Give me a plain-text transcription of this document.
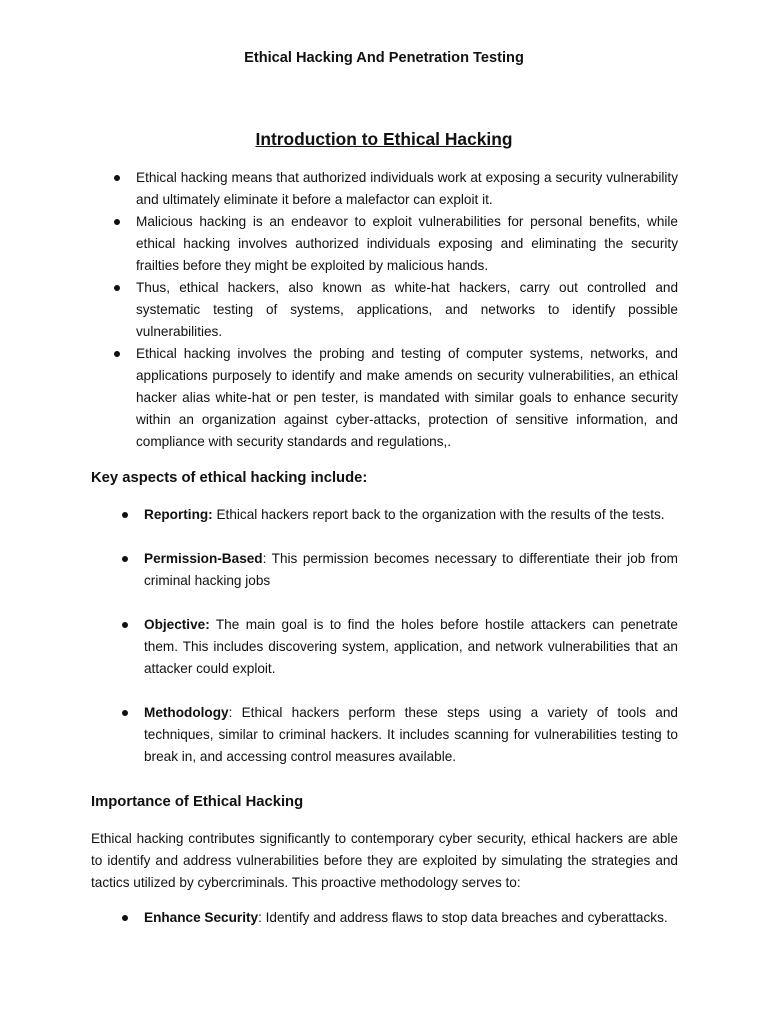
Ethical Hacking And Penetration Testing
Introduction to Ethical Hacking
Ethical hacking means that authorized individuals work at exposing a security vulnerability and ultimately eliminate it before a malefactor can exploit it.
Malicious hacking is an endeavor to exploit vulnerabilities for personal benefits, while ethical hacking involves authorized individuals exposing and eliminating the security frailties before they might be exploited by malicious hands.
Thus, ethical hackers, also known as white-hat hackers, carry out controlled and systematic testing of systems, applications, and networks to identify possible vulnerabilities.
Ethical hacking involves the probing and testing of computer systems, networks, and applications purposely to identify and make amends on security vulnerabilities, an ethical hacker alias white-hat or pen tester, is mandated with similar goals to enhance security within an organization against cyber-attacks, protection of sensitive information, and compliance with security standards and regulations,.
Key aspects of ethical hacking include:
Reporting: Ethical hackers report back to the organization with the results of the tests.
Permission-Based: This permission becomes necessary to differentiate their job from criminal hacking jobs
Objective: The main goal is to find the holes before hostile attackers can penetrate them. This includes discovering system, application, and network vulnerabilities that an attacker could exploit.
Methodology: Ethical hackers perform these steps using a variety of tools and techniques, similar to criminal hackers. It includes scanning for vulnerabilities testing to break in, and accessing control measures available.
Importance of Ethical Hacking
Ethical hacking contributes significantly to contemporary cyber security, ethical hackers are able to identify and address vulnerabilities before they are exploited by simulating the strategies and tactics utilized by cybercriminals. This proactive methodology serves to:
Enhance Security: Identify and address flaws to stop data breaches and cyberattacks.
